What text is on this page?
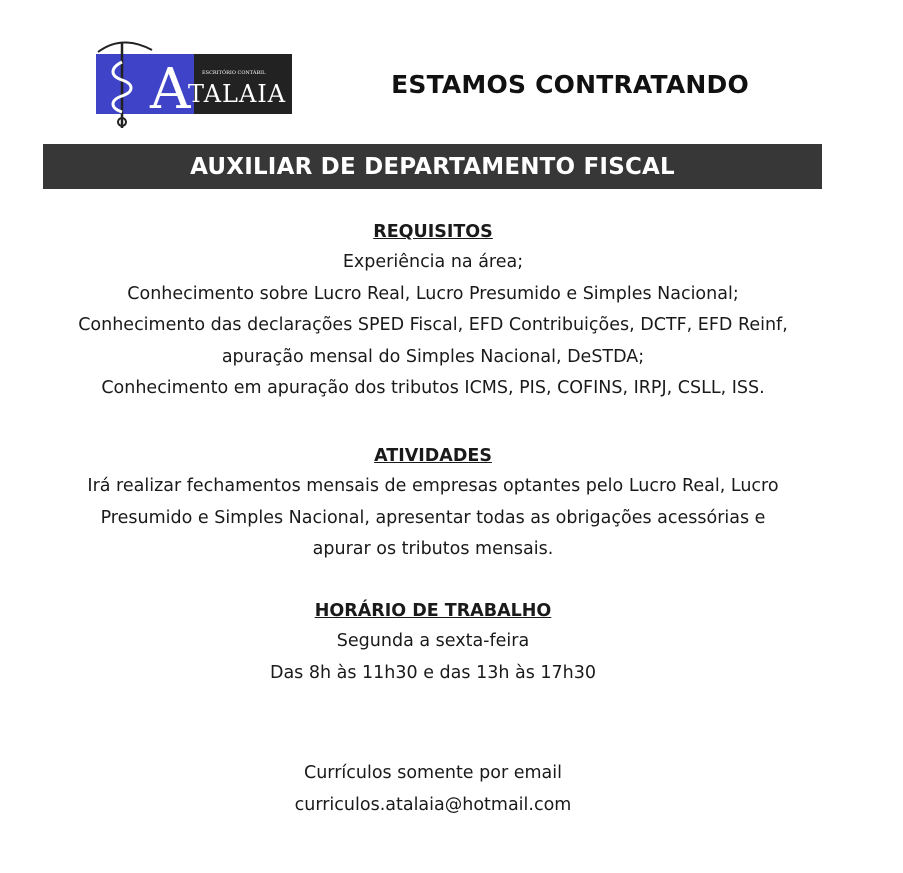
A
TALAIA
ESCRITÓRIO CONTÁBIL	ESTAMOS CONTRATANDO
AUXILIAR DE DEPARTAMENTO FISCAL
REQUISITOS
Experiência na área;
Conhecimento sobre Lucro Real, Lucro Presumido e Simples Nacional;
Conhecimento das declarações SPED Fiscal, EFD Contribuições, DCTF, EFD Reinf,
apuração mensal do Simples Nacional, DeSTDA;
Conhecimento em apuração dos tributos ICMS, PIS, COFINS, IRPJ, CSLL, ISS.
ATIVIDADES
Irá realizar fechamentos mensais de empresas optantes pelo Lucro Real, Lucro
Presumido e Simples Nacional, apresentar todas as obrigações acessórias e
apurar os tributos mensais.
HORÁRIO DE TRABALHO
Segunda a sexta-feira
Das 8h às 11h30 e das 13h às 17h30
Currículos somente por email
curriculos.atalaia@hotmail.com
